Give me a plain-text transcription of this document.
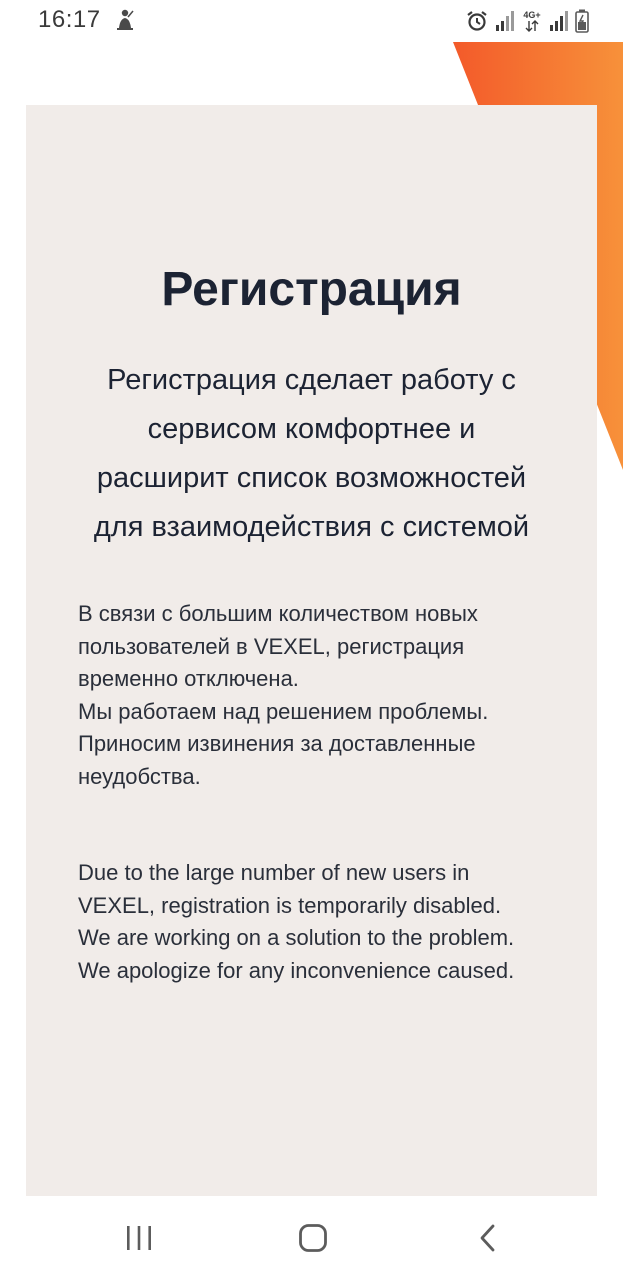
16:17	4G+
Регистрация
Регистрация сделает работу с сервисом комфортнее и расширит список возможностей для взаимодействия с системой

В связи с большим количеством новых пользователей в VEXEL, регистрация временно отключена.

Мы работаем над решением проблемы.

Приносим извинения за доставленные неудобства.

Due to the large number of new users in VEXEL, registration is temporarily disabled.

We are working on a solution to the problem.

We apologize for any inconvenience caused.
